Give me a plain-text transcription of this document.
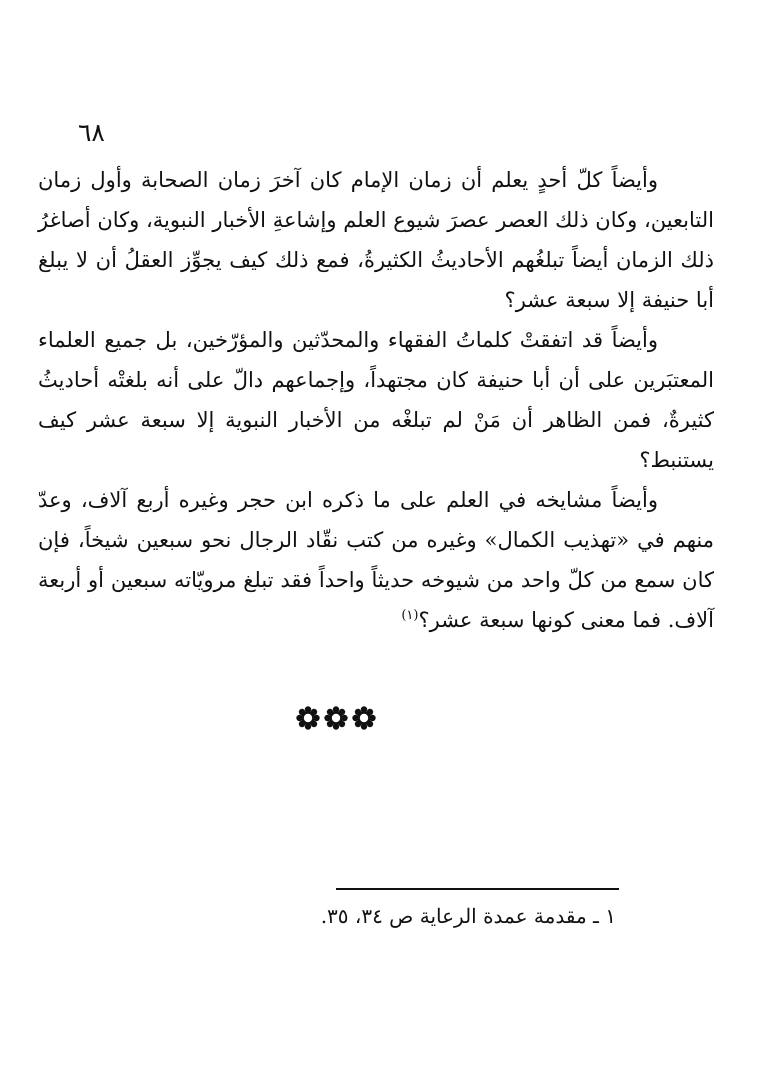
٦٨

وأيضاً كلّ أحدٍ يعلم أن زمان الإمام كان آخرَ زمان الصحابة وأول زمان التابعين، وكان ذلك العصر عصرَ شيوع العلم وإشاعةِ الأخبار النبوية، وكان أصاغرُ ذلك الزمان أيضاً تبلغُهم الأحاديثُ الكثيرةُ، فمع ذلك كيف يجوِّز العقلُ أن لا يبلغ أبا حنيفة إلا سبعة عشر؟

وأيضاً قد اتفقتْ كلماتُ الفقهاء والمحدّثين والمؤرّخين، بل جميع العلماء المعتبَرين على أن أبا حنيفة كان مجتهداً، وإجماعهم دالّ على أنه بلغتْه أحاديثُ كثيرةٌ، فمن الظاهر أن مَنْ لم تبلغْه من الأخبار النبوية إلا سبعة عشر كيف يستنبط؟

وأيضاً مشايخه في العلم على ما ذكره ابن حجر وغيره أربع آلاف، وعدّ منهم في «تهذيب الكمال» وغيره من كتب نقّاد الرجال نحو سبعين شيخاً، فإن كان سمع من كلّ واحد من شيوخه حديثاً واحداً فقد تبلغ مرويّاته سبعين أو أربعة آلاف. فما معنى كونها سبعة عشر؟$^{(١)}$

١ ـ مقدمة عمدة الرعاية ص ٣٤، ٣٥.
